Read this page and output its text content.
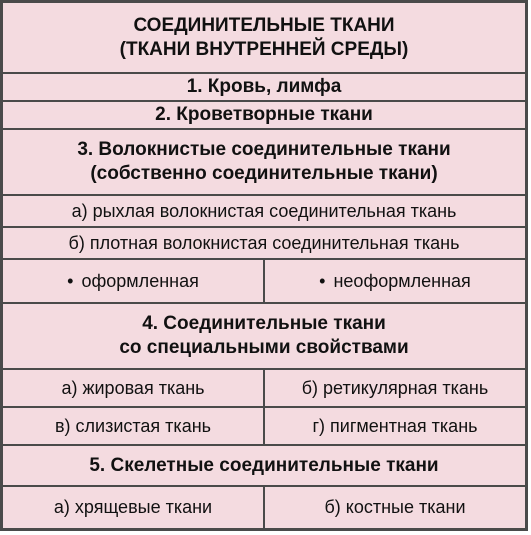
СОЕДИНИТЕЛЬНЫЕ ТКАНИ
(ТКАНИ ВНУТРЕННЕЙ СРЕДЫ)
1. Кровь, лимфа
2. Кроветворные ткани
3. Волокнистые соединительные ткани
(собственно соединительные ткани)
а) рыхлая волокнистая соединительная ткань
б) плотная волокнистая соединительная ткань
• оформленная
•	неоформленная
4. Соединительные ткани
со специальными свойствами
а) жировая ткань	б) ретикулярная ткань
в) слизистая ткань	г) пигментная ткань
5. Скелетные соединительные ткани
а) хрящевые ткани	б) костные ткани
